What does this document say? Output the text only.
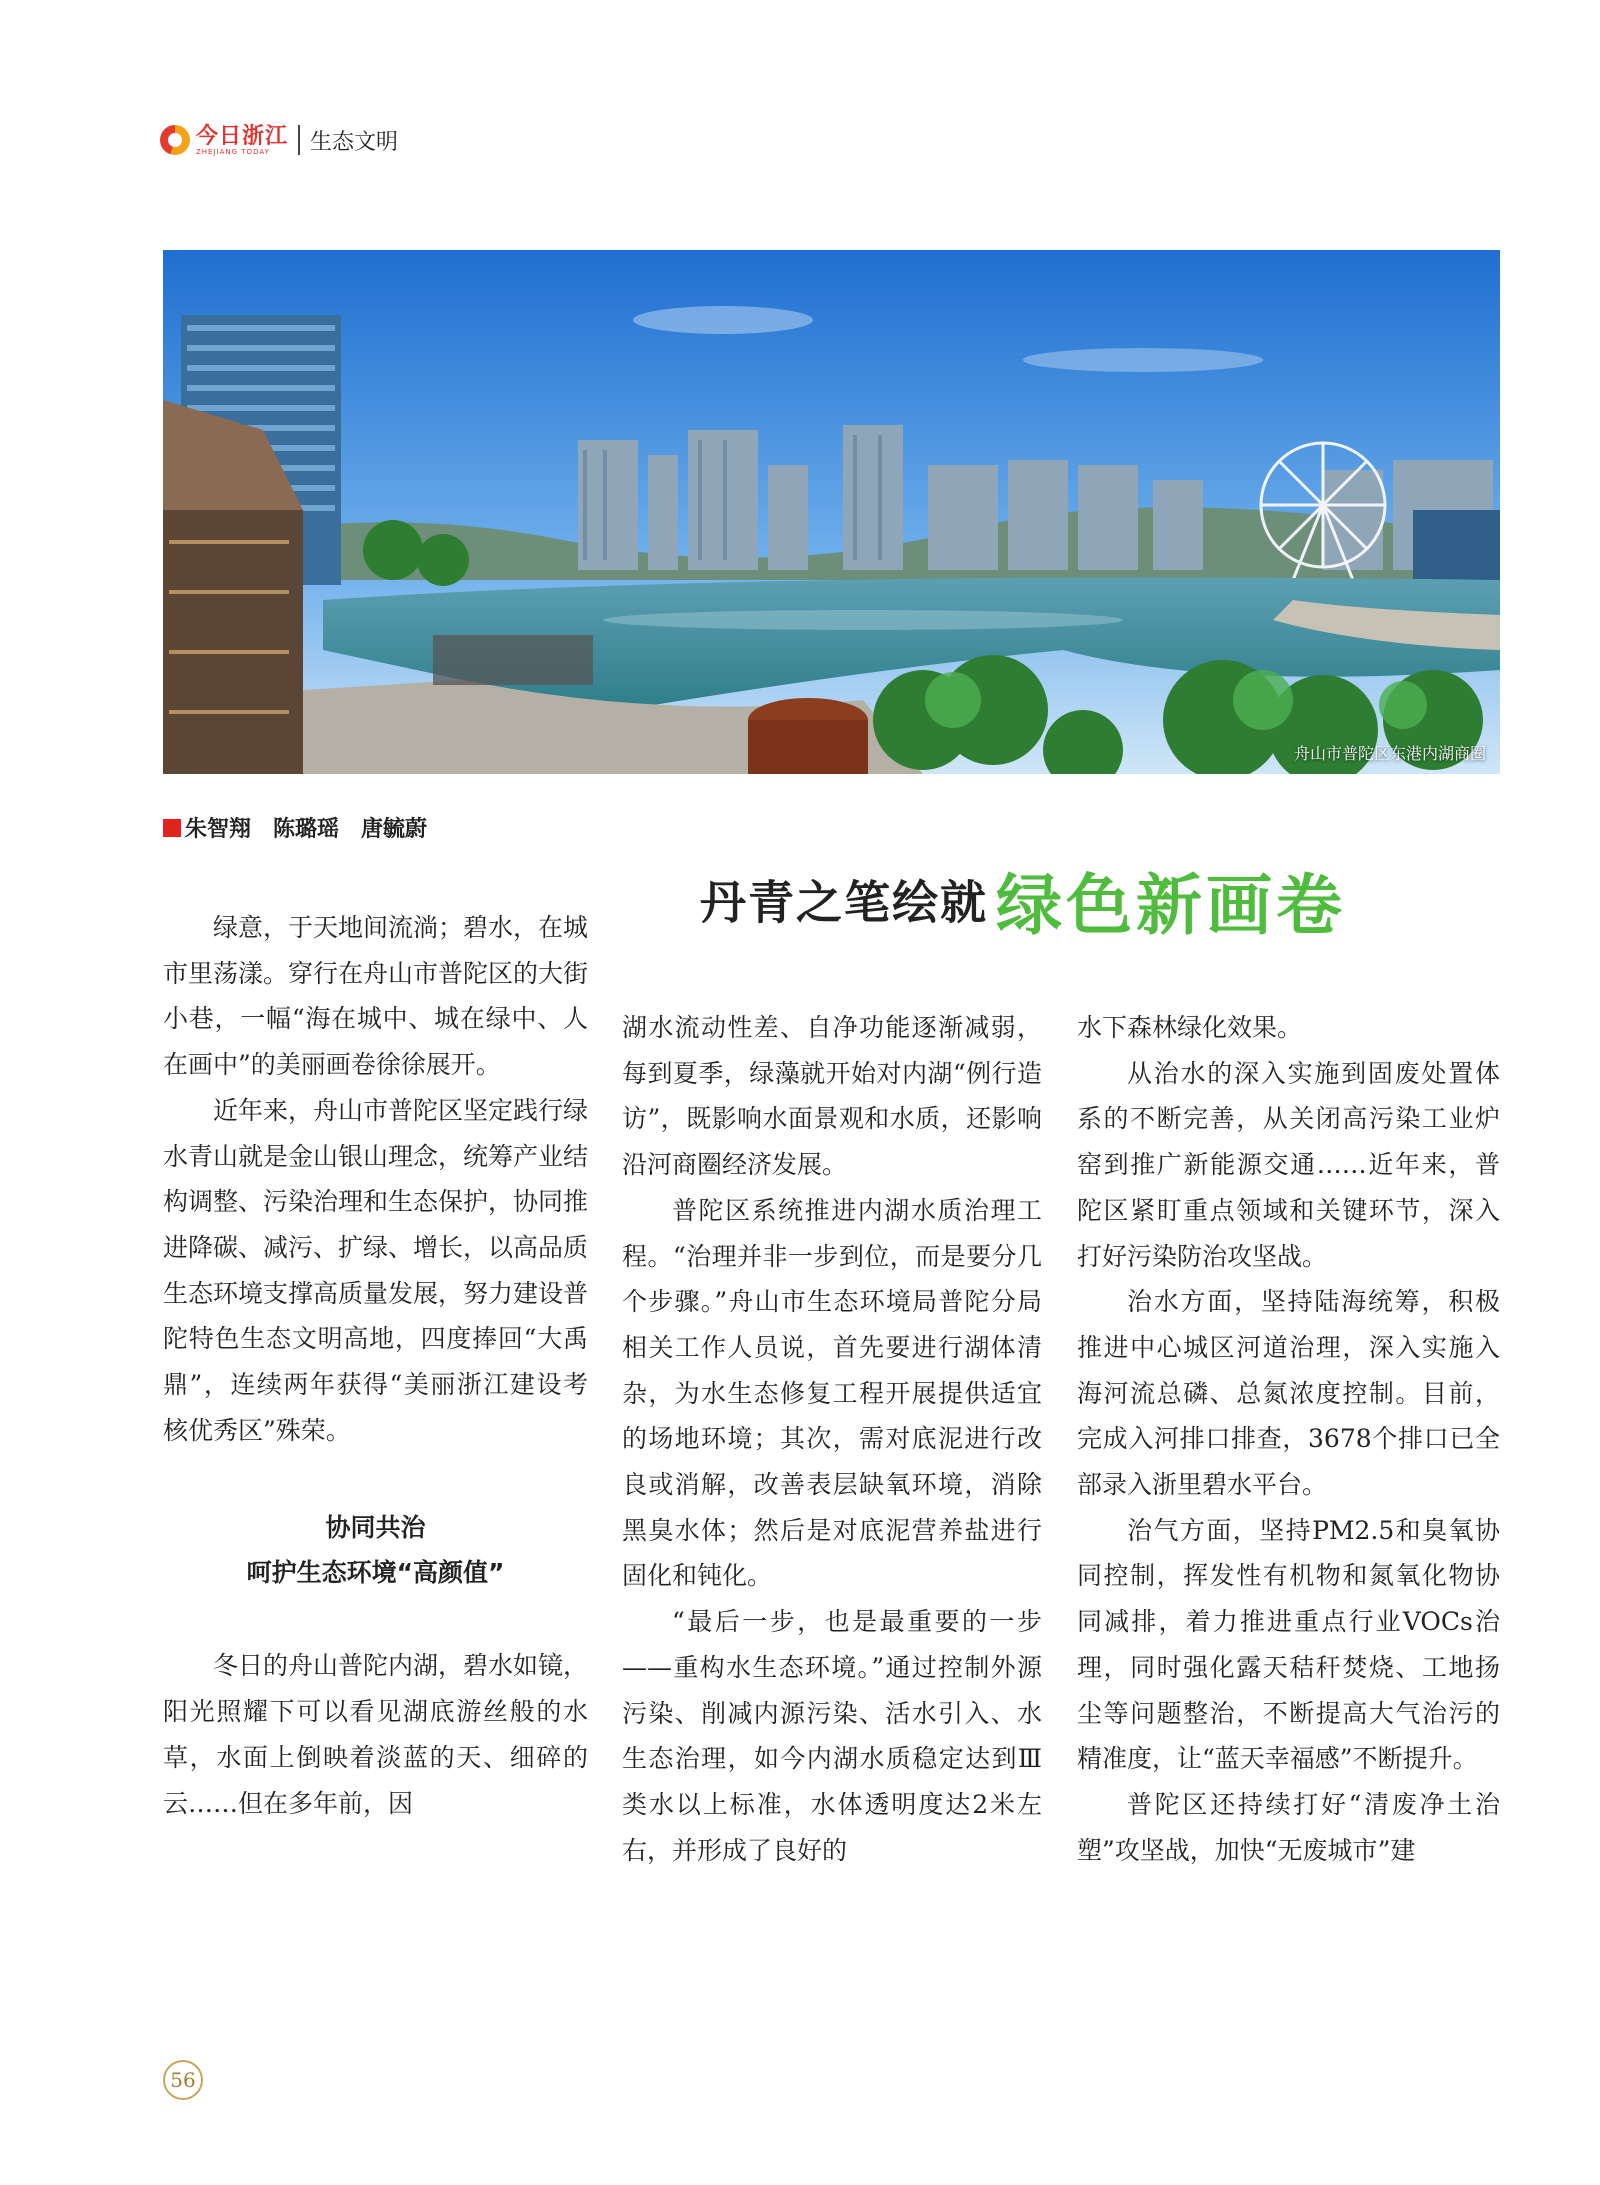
今日浙江
ZHEJIANG TODAY	生态文明
舟山市普陀区东港内湖商圈
朱智翔 陈璐瑶 唐毓蔚
丹青之笔绘就 绿色新画卷

绿意，于天地间流淌；碧水，在城市里荡漾。穿行在舟山市普陀区的大街小巷，一幅“海在城中、城在绿中、人在画中”的美丽画卷徐徐展开。

近年来，舟山市普陀区坚定践行绿水青山就是金山银山理念，统筹产业结构调整、污染治理和生态保护，协同推进降碳、减污、扩绿、增长，以高品质生态环境支撑高质量发展，努力建设普陀特色生态文明高地，四度捧回“大禹鼎”，连续两年获得“美丽浙江建设考核优秀区”殊荣。

协同共治
呵护生态环境“高颜值”

冬日的舟山普陀内湖，碧水如镜，阳光照耀下可以看见湖底游丝般的水草，水面上倒映着淡蓝的天、细碎的云……但在多年前，因

湖水流动性差、自净功能逐渐减弱，每到夏季，绿藻就开始对内湖“例行造访”，既影响水面景观和水质，还影响沿河商圈经济发展。

普陀区系统推进内湖水质治理工程。“治理并非一步到位，而是要分几个步骤。”舟山市生态环境局普陀分局相关工作人员说，首先要进行湖体清杂，为水生态修复工程开展提供适宜的场地环境；其次，需对底泥进行改良或消解，改善表层缺氧环境，消除黑臭水体；然后是对底泥营养盐进行固化和钝化。

“最后一步，也是最重要的一步——重构水生态环境。”通过控制外源污染、削减内源污染、活水引入、水生态治理，如今内湖水质稳定达到Ⅲ类水以上标准，水体透明度达2米左右，并形成了良好的

水下森林绿化效果。

从治水的深入实施到固废处置体系的不断完善，从关闭高污染工业炉窑到推广新能源交通……近年来，普陀区紧盯重点领域和关键环节，深入打好污染防治攻坚战。

治水方面，坚持陆海统筹，积极推进中心城区河道治理，深入实施入海河流总磷、总氮浓度控制。目前，完成入河排口排查，3678个排口已全部录入浙里碧水平台。

治气方面，坚持PM2.5和臭氧协同控制，挥发性有机物和氮氧化物协同减排，着力推进重点行业VOCs治理，同时强化露天秸秆焚烧、工地扬尘等问题整治，不断提高大气治污的精准度，让“蓝天幸福感”不断提升。

普陀区还持续打好“清废净土治塑”攻坚战，加快“无废城市”建

56
